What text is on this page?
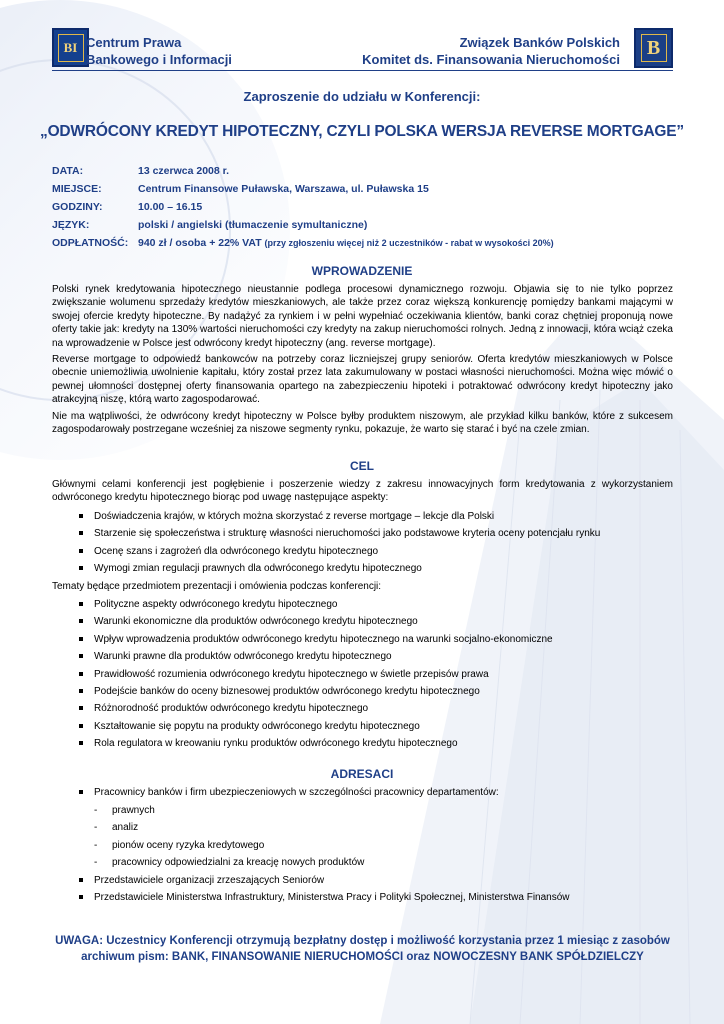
BI Centrum Prawa
Bankowego i Informacji
Związek Banków Polskich
Komitet ds. Finansowania Nieruchomości
B
Zaproszenie do udziału w Konferencji:
„ODWRÓCONY KREDYT HIPOTECZNY, CZYLI POLSKA WERSJA REVERSE MORTGAGE”
DATA:	13 czerwca 2008 r.
MIEJSCE:	Centrum Finansowe Puławska, Warszawa, ul. Puławska 15
GODZINY:	10.00 – 16.15
JĘZYK:	polski / angielski (tłumaczenie symultaniczne)
ODPŁATNOŚĆ: 940 zł / osoba + 22% VAT (przy zgłoszeniu więcej niż 2 uczestników - rabat w wysokości 20%)
WPROWADZENIE

Polski rynek kredytowania hipotecznego nieustannie podlega procesowi dynamicznego rozwoju. Objawia się to nie tylko poprzez zwiększanie wolumenu sprzedaży kredytów mieszkaniowych, ale także przez coraz większą konkurencję pomiędzy bankami mającymi w swojej ofercie kredyty hipoteczne. By nadążyć za rynkiem i w pełni wypełniać oczekiwania klientów, banki coraz chętniej proponują nowe oferty takie jak: kredyty na 130% wartości nieruchomości czy kredyty na zakup nieruchomości rolnych. Jedną z innowacji, która wciąż czeka na wprowadzenie w Polsce jest odwrócony kredyt hipoteczny (ang. reverse mortgage).

Reverse mortgage to odpowiedź bankowców na potrzeby coraz liczniejszej grupy seniorów. Oferta kredytów mieszkaniowych w Polsce obecnie uniemożliwia uwolnienie kapitału, który został przez lata zakumulowany w postaci własności nieruchomości. Można więc mówić o pewnej ułomności dostępnej oferty finansowania opartego na zabezpieczeniu hipoteki i potraktować odwrócony kredyt hipoteczny jako atrakcyjną niszę, którą warto zagospodarować.

Nie ma wątpliwości, że odwrócony kredyt hipoteczny w Polsce byłby produktem niszowym, ale przykład kilku banków, które z sukcesem zagospodarowały postrzegane wcześniej za niszowe segmenty rynku, pokazuje, że warto się starać i być na czele zmian.

CEL
Głównymi celami konferencji jest pogłębienie i poszerzenie wiedzy z zakresu innowacyjnych form kredytowania z wykorzystaniem odwróconego kredytu hipotecznego biorąc pod uwagę następujące aspekty:
Doświadczenia krajów, w których można skorzystać z reverse mortgage – lekcje dla Polski
Starzenie się społeczeństwa i strukturę własności nieruchomości jako podstawowe kryteria oceny potencjału rynku
Ocenę szans i zagrożeń dla odwróconego kredytu hipotecznego
Wymogi zmian regulacji prawnych dla odwróconego kredytu hipotecznego
Tematy będące przedmiotem prezentacji i omówienia podczas konferencji:
Polityczne aspekty odwróconego kredytu hipotecznego
Warunki ekonomiczne dla produktów odwróconego kredytu hipotecznego
Wpływ wprowadzenia produktów odwróconego kredytu hipotecznego na warunki socjalno-ekonomiczne
Warunki prawne dla produktów odwróconego kredytu hipotecznego
Prawidłowość rozumienia odwróconego kredytu hipotecznego w świetle przepisów prawa
Podejście banków do oceny biznesowej produktów odwróconego kredytu hipotecznego
Różnorodność produktów odwróconego kredytu hipotecznego
Kształtowanie się popytu na produkty odwróconego kredytu hipotecznego
Rola regulatora w kreowaniu rynku produktów odwróconego kredytu hipotecznego
ADRESACI
Pracownicy banków i firm ubezpieczeniowych w szczególności pracownicy departamentów:
- prawnych
- analiz
- pionów oceny ryzyka kredytowego
- pracownicy odpowiedzialni za kreację nowych produktów
Przedstawiciele organizacji zrzeszających Seniorów
Przedstawiciele Ministerstwa Infrastruktury, Ministerstwa Pracy i Polityki Społecznej, Ministerstwa Finansów
UWAGA: Uczestnicy Konferencji otrzymują bezpłatny dostęp i możliwość korzystania przez 1 miesiąc z zasobów
archiwum pism: BANK, FINANSOWANIE NIERUCHOMOŚCI oraz NOWOCZESNY BANK SPÓŁDZIELCZY
